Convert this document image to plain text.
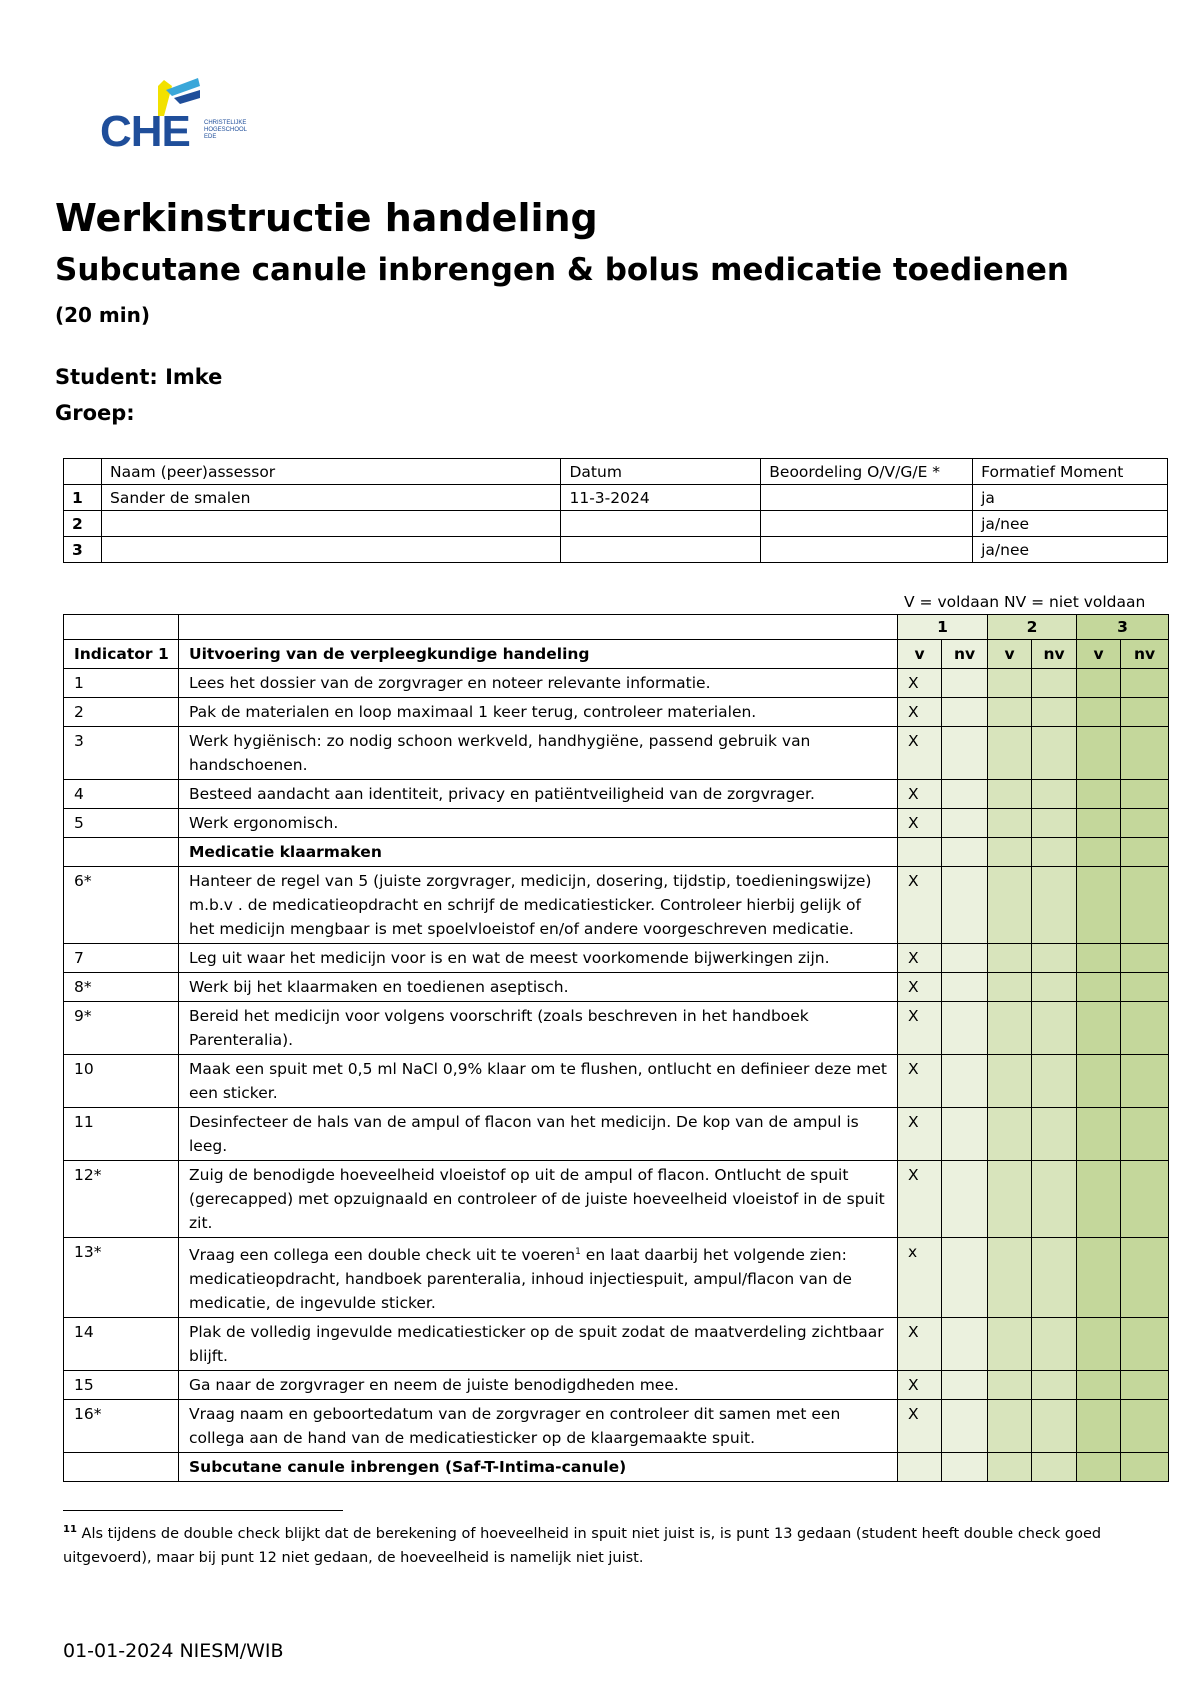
CHE CHRISTELIJKE
HOGESCHOOL
EDE
Werkinstructie handeling
Subcutane canule inbrengen & bolus medicatie toedienen
(20 min)
Student: Imke
Groep:
	Naam (peer)assessor	Datum	Beoordeling O/V/G/E *	Formatief Moment
1	Sander de smalen	11-3-2024		ja
2				ja/nee
3				ja/nee
V = voldaan NV = niet voldaan
		1		2		3	
Indicator 1	Uitvoering van de verpleegkundige handeling	v	nv	v	nv	v	nv
1	Lees het dossier van de zorgvrager en noteer relevante informatie.	X					
2	Pak de materialen en loop maximaal 1 keer terug, controleer materialen.	X					
3	Werk hygiënisch: zo nodig schoon werkveld, handhygiëne, passend gebruik van handschoenen.	X					
4	Besteed aandacht aan identiteit, privacy en patiëntveiligheid van de zorgvrager.	X					
5	Werk ergonomisch.	X					
	Medicatie klaarmaken						
6*	Hanteer de regel van 5 (juiste zorgvrager, medicijn, dosering, tijdstip, toedieningswijze) m.b.v . de medicatieopdracht en schrijf de medicatiesticker. Controleer hierbij gelijk of het medicijn mengbaar is met spoelvloeistof en/of andere voorgeschreven medicatie.	X					
7	Leg uit waar het medicijn voor is en wat de meest voorkomende bijwerkingen zijn.	X					
8*	Werk bij het klaarmaken en toedienen aseptisch.	X					
9*	Bereid het medicijn voor volgens voorschrift (zoals beschreven in het handboek Parenteralia).	X					
10	Maak een spuit met 0,5 ml NaCl 0,9% klaar om te flushen, ontlucht en definieer deze met een sticker.	X					
11	Desinfecteer de hals van de ampul of flacon van het medicijn. De kop van de ampul is leeg.	X					
12*	Zuig de benodigde hoeveelheid vloeistof op uit de ampul of flacon. Ontlucht de spuit (gerecapped) met opzuignaald en controleer of de juiste hoeveelheid vloeistof in de spuit zit.	X					
13*	Vraag een collega een double check uit te voeren$^1$ en laat daarbij het volgende zien:
medicatieopdracht, handboek parenteralia, inhoud injectiespuit, ampul/flacon van de medicatie, de ingevulde sticker.	x					
14	Plak de volledig ingevulde medicatiesticker op de spuit zodat de maatverdeling zichtbaar blijft.	X					
15	Ga naar de zorgvrager en neem de juiste benodigdheden mee.	X					
16*	Vraag naam en geboortedatum van de zorgvrager en controleer dit samen met een collega aan de hand van de medicatiesticker op de klaargemaakte spuit.	X					
	Subcutane canule inbrengen (Saf-T-Intima-canule)						
$^{11}$ Als tijdens de double check blijkt dat de berekening of hoeveelheid in spuit niet juist is, is punt 13 gedaan (student heeft double check goed uitgevoerd), maar bij punt 12 niet gedaan, de hoeveelheid is namelijk niet juist.
01-01-2024 NIESM/WIB
